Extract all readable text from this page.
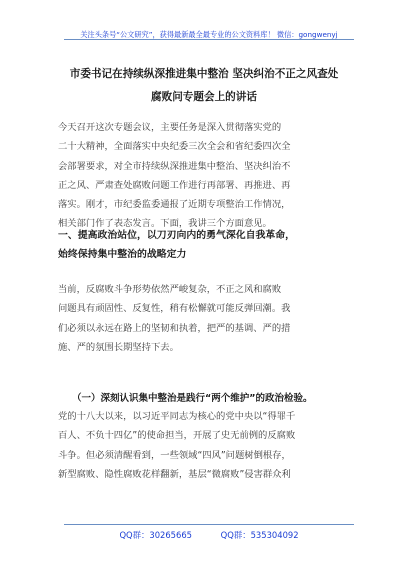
关注头条号“公文研究”，获得最新最全最专业的公文资料库！ 微信：gongwenyj
市委书记在持续纵深推进集中整治 坚决纠治不正之风查处
腐败问专题会上的讲话

今天召开这次专题会议，主要任务是深入贯彻落实党的
二十大精神，全面落实中央纪委三次全会和省纪委四次全
会部署要求，对全市持续纵深推进集中整治、坚决纠治不
正之风、严肃查处腐败问题工作进行再部署、再推进、再
落实。刚才，市纪委监委通报了近期专项整治工作情况，
相关部门作了表态发言。下面，我讲三个方面意见。

一、提高政治站位，以刀刃向内的勇气深化自我革命，
始终保持集中整治的战略定力

当前，反腐败斗争形势依然严峻复杂，不正之风和腐败
问题具有顽固性、反复性，稍有松懈就可能反弹回潮。我
们必须以永远在路上的坚韧和执着，把严的基调、严的措
施、严的氛围长期坚持下去。

（一）深刻认识集中整治是践行“两个维护”的政治检验。

党的十八大以来，以习近平同志为核心的党中央以“得罪千
百人、不负十四亿”的使命担当，开展了史无前例的反腐败
斗争。但必须清醒看到，一些领域“四风”问题树倒根存，
新型腐败、隐性腐败花样翻新，基层“微腐败”侵害群众利

QQ群：30265665	QQ群：535304092
